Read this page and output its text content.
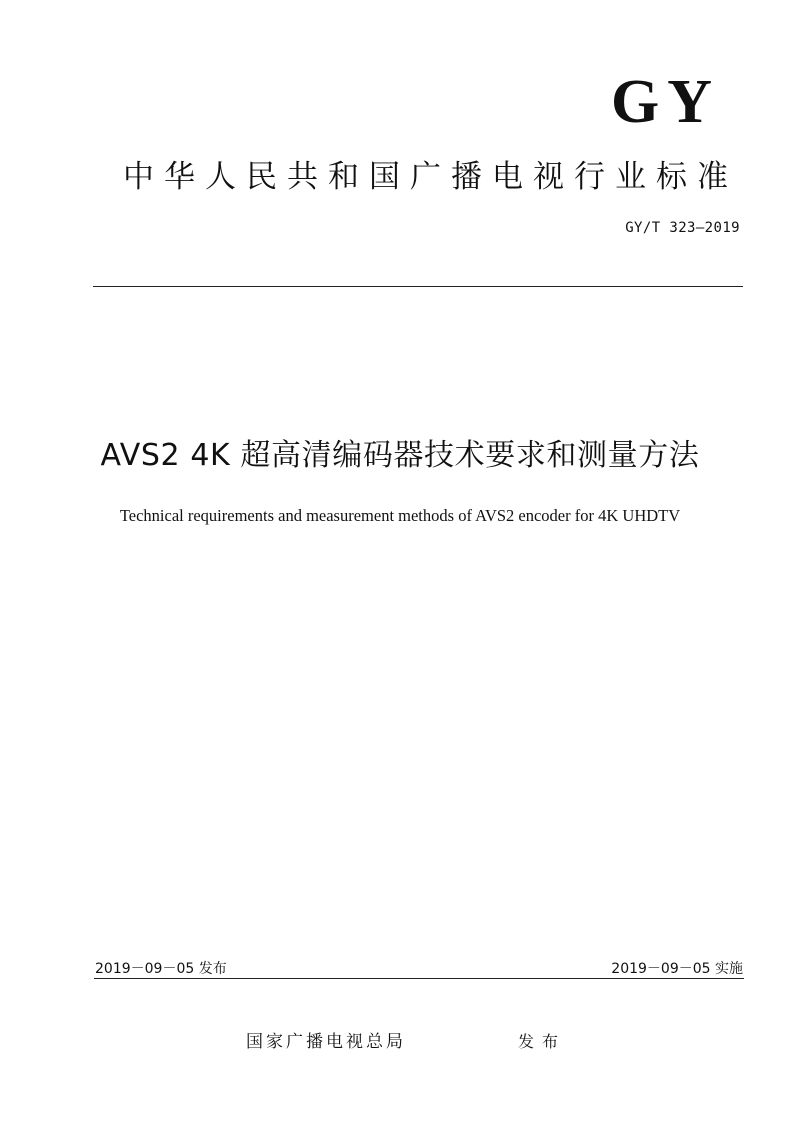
GY
中华人民共和国广播电视行业标准
GY/T 323—2019
AVS2 4K 超高清编码器技术要求和测量方法
Technical requirements and measurement methods of AVS2 encoder for 4K UHDTV
2019－09－05 发布	2019－09－05 实施
国家广播电视总局	发布
